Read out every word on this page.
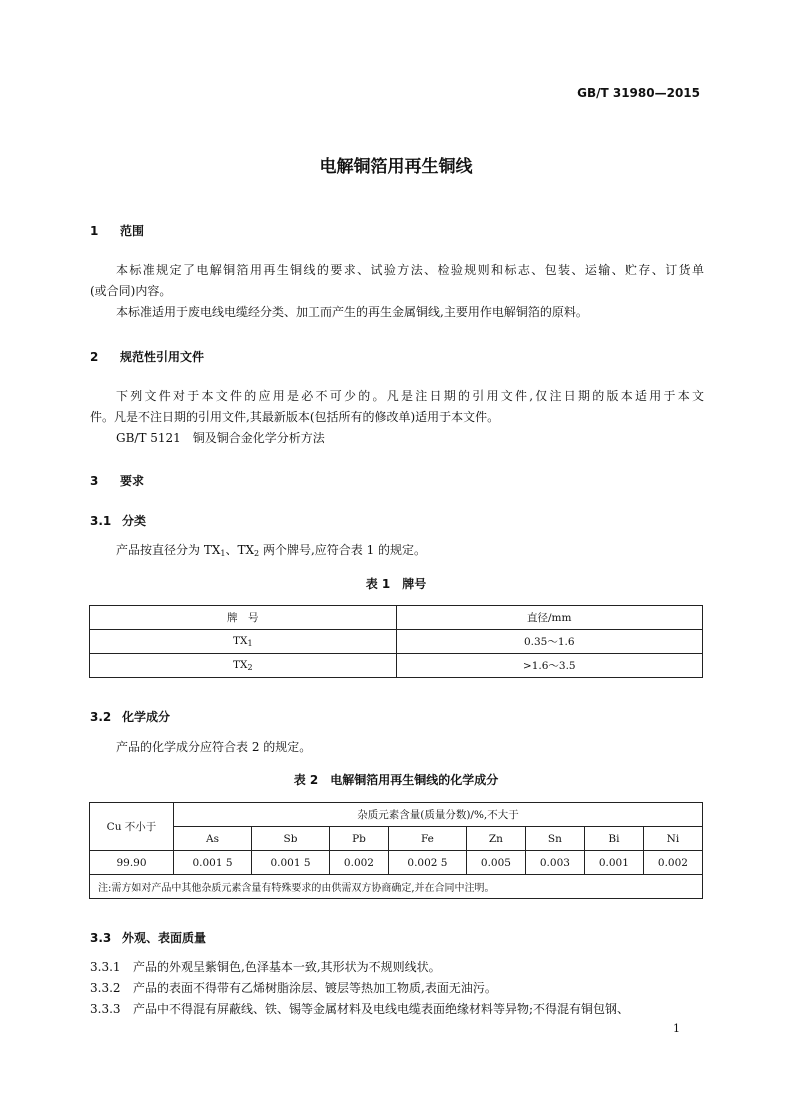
GB/T 31980—2015
电解铜箔用再生铜线
1 范围
本标准规定了电解铜箔用再生铜线的要求、试验方法、检验规则和标志、包装、运输、贮存、订货单
(或合同)内容。
本标准适用于废电线电缆经分类、加工而产生的再生金属铜线,主要用作电解铜箔的原料。
2 规范性引用文件
下列文件对于本文件的应用是必不可少的。凡是注日期的引用文件,仅注日期的版本适用于本文
件。凡是不注日期的引用文件,其最新版本(包括所有的修改单)适用于本文件。
GB/T 5121　铜及铜合金化学分析方法
3 要求
3.1 分类
产品按直径分为 $TX_1$、$TX_2$ 两个牌号,应符合表 1 的规定。
表 1　牌号
牌　号	直径/mm
$TX_1$	0.35～1.6
$TX_2$	>1.6～3.5
3.2 化学成分
产品的化学成分应符合表 2 的规定。
表 2　电解铜箔用再生铜线的化学成分
Cu 不小于	杂质元素含量(质量分数)/%,不大于							
	As	Sb	Pb	Fe	Zn	Sn	Bi	Ni
99.90	0.001 5	0.001 5	0.002	0.002 5	0.005	0.003	0.001	0.002
注:需方如对产品中其他杂质元素含量有特殊要求的由供需双方协商确定,并在合同中注明。								
3.3 外观、表面质量
3.3.1 产品的外观呈紫铜色,色泽基本一致,其形状为不规则线状。
3.3.2 产品的表面不得带有乙烯树脂涂层、镀层等热加工物质,表面无油污。
3.3.3 产品中不得混有屏蔽线、铁、锡等金属材料及电线电缆表面绝缘材料等异物;不得混有铜包钢、
1
